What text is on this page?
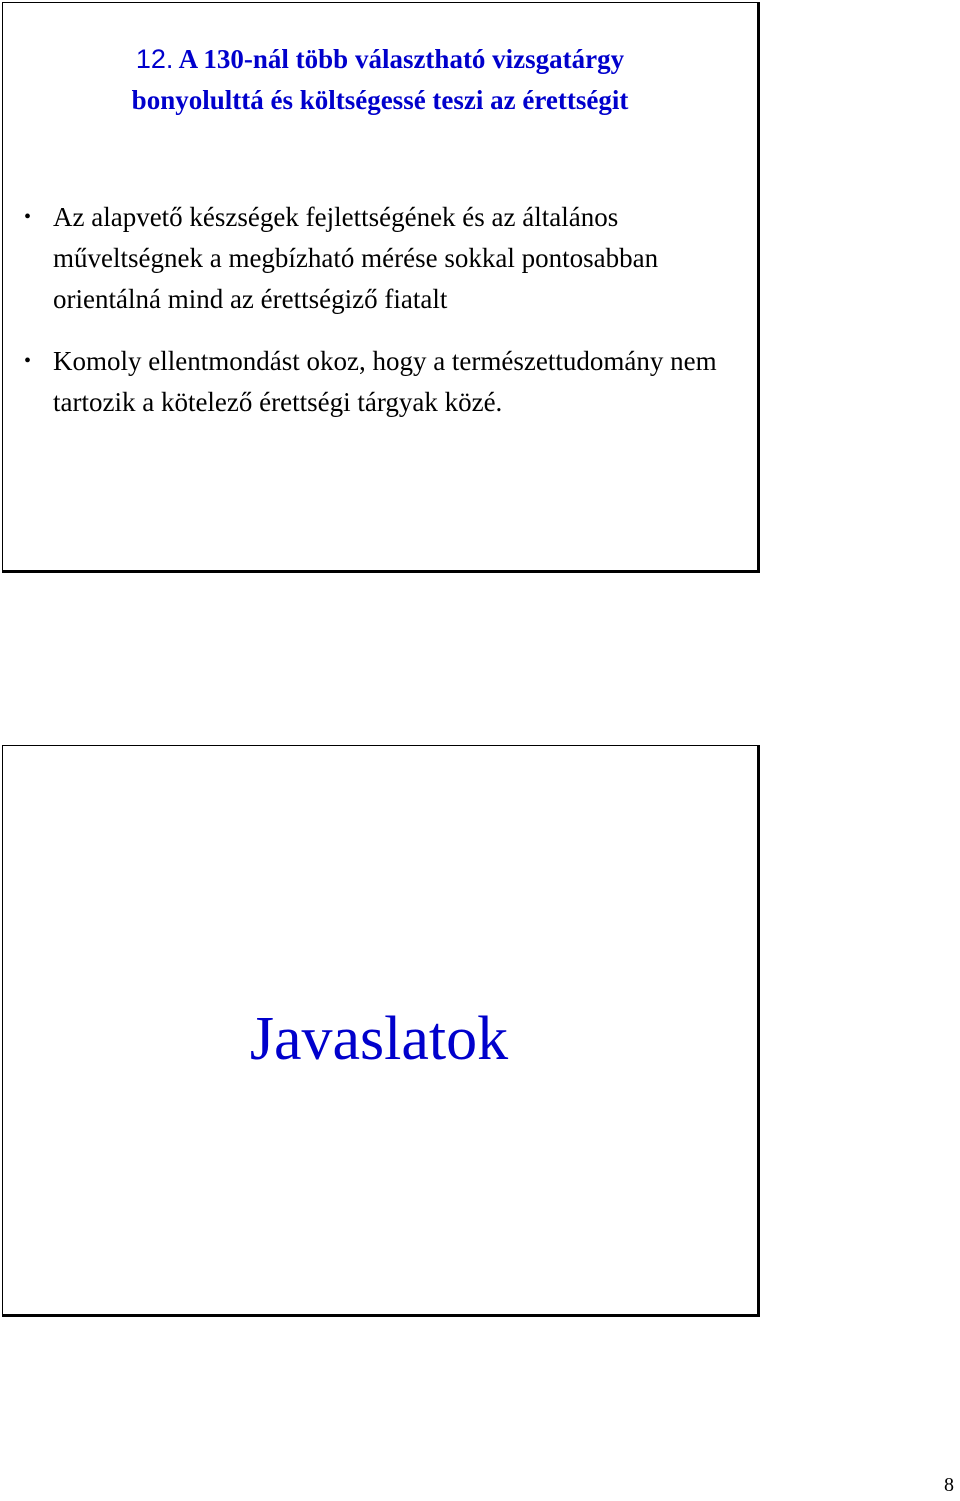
12. A 130-nál több választható vizsgatárgy
bonyolulttá és költségessé teszi az érettségit
• Az alapvető készségek fejlettségének és az általános műveltségnek a megbízható mérése sokkal pontosabban orientálná mind az érettségiző fiatalt
• Komoly ellentmondást okoz, hogy a természettudomány nem tartozik a kötelező érettségi tárgyak közé.
Javaslatok
8
